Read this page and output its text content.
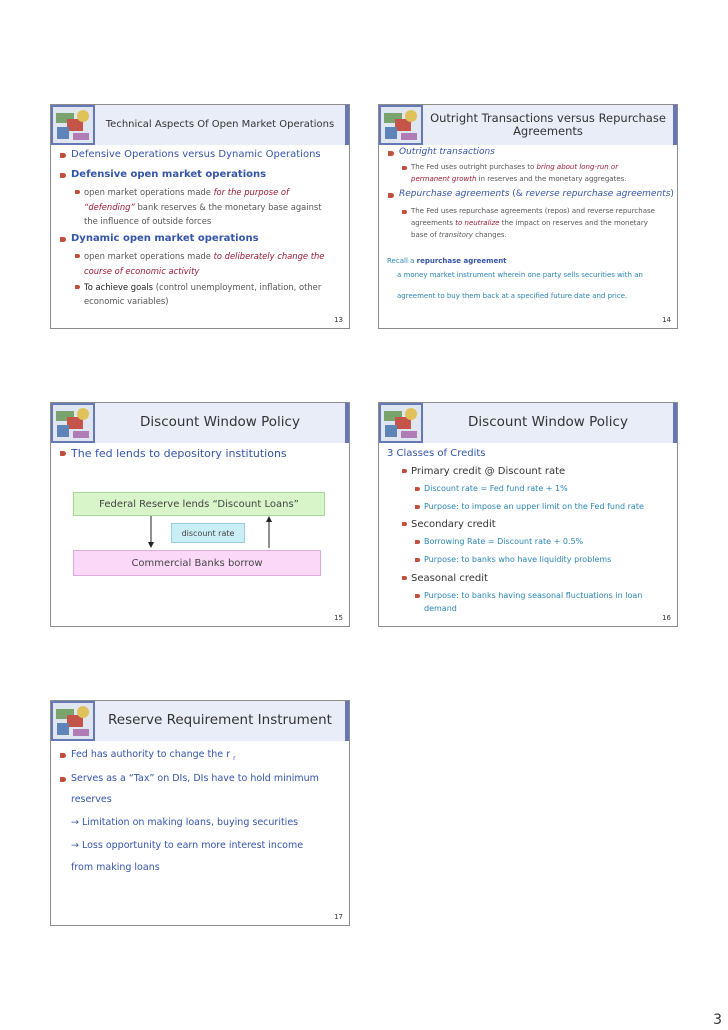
Technical Aspects Of Open Market Operations
Defensive Operations versus Dynamic Operations
Defensive open market operations
open market operations made for the purpose of
“defending” bank reserves & the monetary base against
the influence of outside forces
Dynamic open market operations
open market operations made to deliberately change the
course of economic activity
To achieve goals (control unemployment, inflation, other
economic variables)
13
Outright Transactions versus Repurchase Agreements
Outright transactions
The Fed uses outright purchases to bring about long-run or
permanent growth in reserves and the monetary aggregates.
Repurchase agreements (& reverse repurchase agreements)
The Fed uses repurchase agreements (repos) and reverse repurchase
agreements to neutralize the impact on reserves and the monetary
base of transitory changes.
Recall a repurchase agreement
a money market instrument wherein one party sells securities with an
agreement to buy them back at a specified future date and price.
14
Discount Window Policy
The fed lends to depository institutions
Federal Reserve lends “Discount Loans”
discount rate
Commercial Banks borrow
15
Discount Window Policy
3 Classes of Credits
Primary credit @ Discount rate
Discount rate = Fed fund rate + 1%
Purpose: to impose an upper limit on the Fed fund rate
Secondary credit
Borrowing Rate = Discount rate + 0.5%
Purpose: to banks who have liquidity problems
Seasonal credit
Purpose: to banks having seasonal fluctuations in loan
demand
16
Reserve Requirement Instrument
Fed has authority to change the r $_r$
Serves as a “Tax” on DIs, DIs have to hold minimum
reserves
→ Limitation on making loans, buying securities
→ Loss opportunity to earn more interest income
from making loans
17
3
